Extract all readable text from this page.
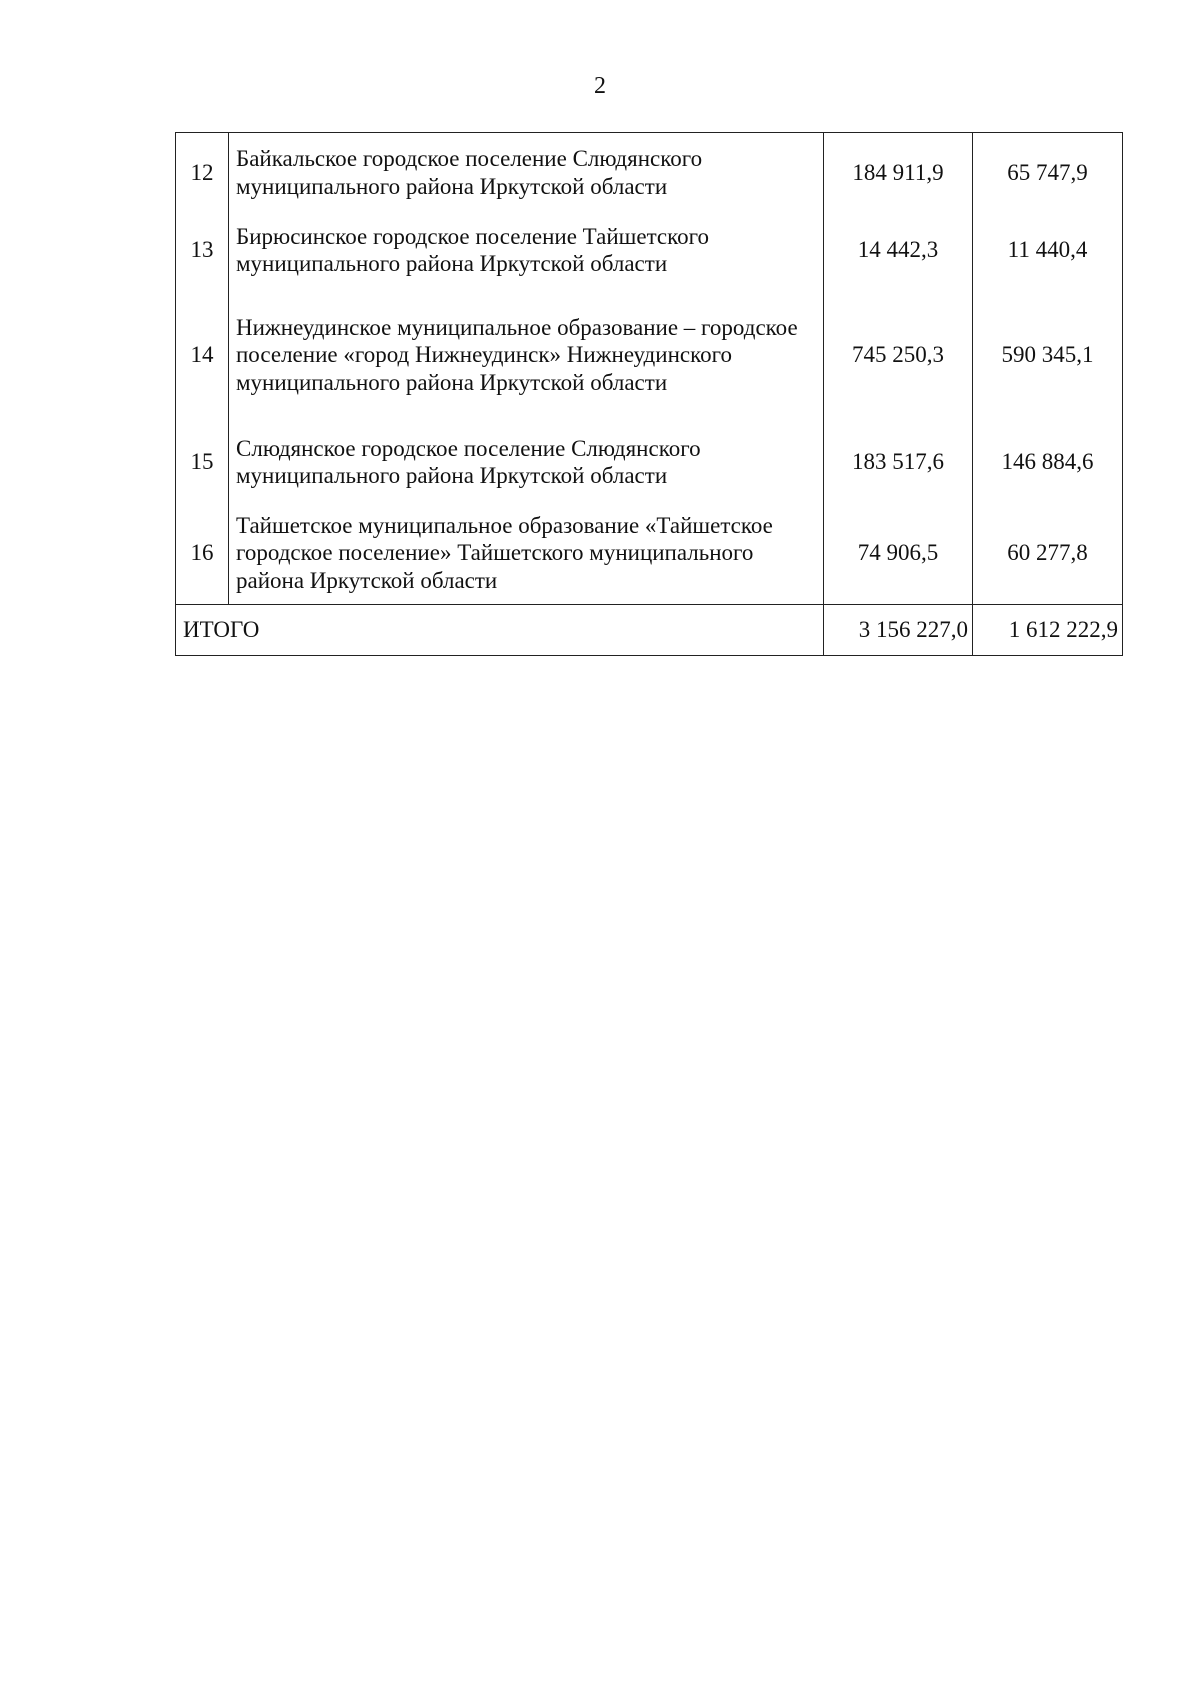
2
12	Байкальское городское поселение Слюдянского муниципального района Иркутской области	184 911,9	65 747,9
13	Бирюсинское городское поселение Тайшетского муниципального района Иркутской области	14 442,3	11 440,4
14	Нижнеудинское муниципальное образование – городское поселение «город Нижнеудинск» Нижнеудинского муниципального района Иркутской области	745 250,3	590 345,1
15	Слюдянское городское поселение Слюдянского муниципального района Иркутской области	183 517,6	146 884,6
16	Тайшетское муниципальное образование «Тайшетское городское поселение» Тайшетского муниципального района Иркутской области	74 906,5	60 277,8
ИТОГО		3 156 227,0	1 612 222,9
